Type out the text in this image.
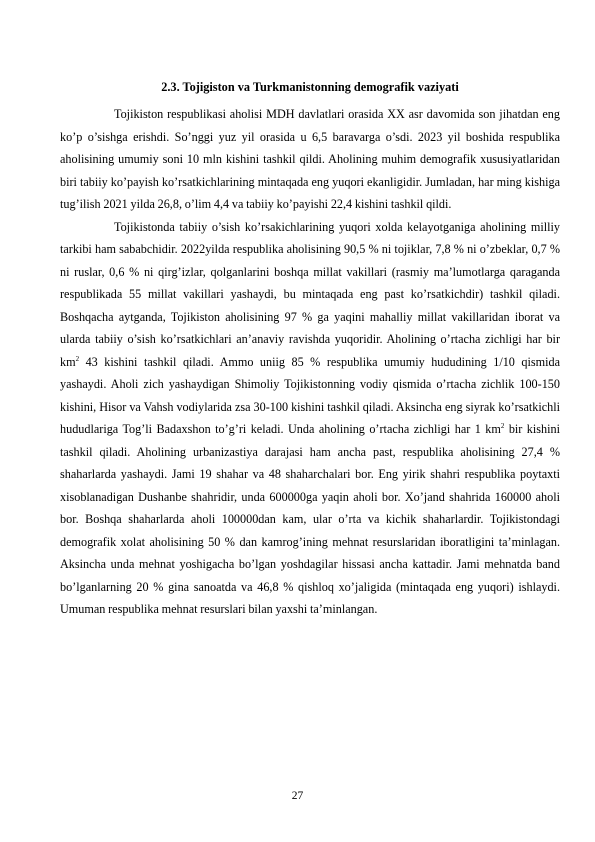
2.3. Tojigiston va Turkmanistonning demografik vaziyati

Tojikiston respublikasi aholisi MDH davlatlari orasida XX asr davomida son jihatdan eng ko’p o’sishga erishdi. So’nggi yuz yil orasida u 6,5 baravarga o’sdi. 2023 yil boshida respublika aholisining umumiy soni 10 mln kishini tashkil qildi. Aholining muhim demografik xususiyatlaridan biri tabiiy ko’payish ko’rsatkichlarining mintaqada eng yuqori ekanligidir. Jumladan, har ming kishiga tug’ilish 2021 yilda 26,8, o’lim 4,4 va tabiiy ko’payishi 22,4 kishini tashkil qildi.

Tojikistonda tabiiy o’sish ko’rsakichlarining yuqori xolda kelayotganiga aholining milliy tarkibi ham sababchidir. 2022yilda respublika aholisining 90,5 % ni tojiklar, 7,8 % ni o’zbeklar, 0,7 % ni ruslar, 0,6 % ni qirg’izlar, qolganlarini boshqa millat vakillari (rasmiy ma’lumotlarga qaraganda respublikada 55 millat vakillari yashaydi, bu mintaqada eng past ko’rsatkichdir) tashkil qiladi. Boshqacha aytganda, Tojikiston aholisining 97 % ga yaqini mahalliy millat vakillaridan iborat va ularda tabiiy o’sish ko’rsatkichlari an’anaviy ravishda yuqoridir. Aholining o’rtacha zichligi har bir $km^2$ 43 kishini tashkil qiladi. Ammo uniig 85 % respublika umumiy hududining 1/10 qismida yashaydi. Aholi zich yashaydigan Shimoliy Tojikistonning vodiy qismida o’rtacha zichlik 100-150 kishini, Hisor va Vahsh vodiylarida zsa 30-100 kishini tashkil qiladi. Aksincha eng siyrak ko’rsatkichli hududlariga Tog’li Badaxshon to’g’ri keladi. Unda aholining o’rtacha zichligi har 1 $km^2$ bir kishini tashkil qiladi. Aholining urbanizastiya darajasi ham ancha past, respublika aholisining 27,4 % shaharlarda yashaydi. Jami 19 shahar va 48 shaharchalari bor. Eng yirik shahri respublika poytaxti xisoblanadigan Dushanbe shahridir, unda 600000ga yaqin aholi bor. Xo’jand shahrida 160000 aholi bor. Boshqa shaharlarda aholi 100000dan kam, ular o’rta va kichik shaharlardir. Tojikistondagi demografik xolat aholisining 50 % dan kamrog’ining mehnat resurslaridan iboratligini ta’minlagan. Aksincha unda mehnat yoshigacha bo’lgan yoshdagilar hissasi ancha kattadir. Jami mehnatda band bo’lganlarning 20 % gina sanoatda va 46,8 % qishloq xo’jaligida (mintaqada eng yuqori) ishlaydi. Umuman respublika mehnat resurslari bilan yaxshi ta’minlangan.

27
